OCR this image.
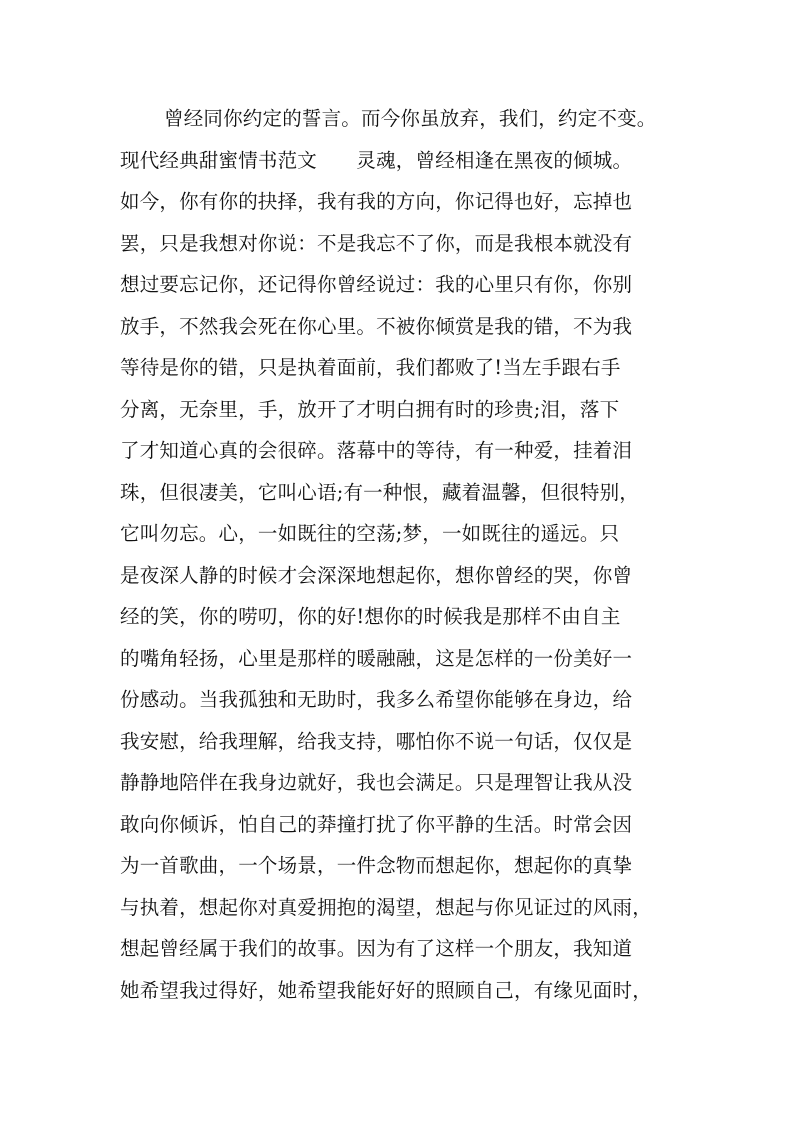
曾经同你约定的誓言。而今你虽放弃，我们，约定不变。
现代经典甜蜜情书范文　　灵魂，曾经相逢在黑夜的倾城。
如今，你有你的抉择，我有我的方向，你记得也好，忘掉也
罢，只是我想对你说：不是我忘不了你，而是我根本就没有
想过要忘记你，还记得你曾经说过：我的心里只有你，你别
放手，不然我会死在你心里。不被你倾赏是我的错，不为我
等待是你的错，只是执着面前，我们都败了!当左手跟右手
分离，无奈里，手，放开了才明白拥有时的珍贵;泪，落下
了才知道心真的会很碎。落幕中的等待，有一种爱，挂着泪
珠，但很凄美，它叫心语;有一种恨，藏着温馨，但很特别，
它叫勿忘。心，一如既往的空荡;梦，一如既往的遥远。只
是夜深人静的时候才会深深地想起你，想你曾经的哭，你曾
经的笑，你的唠叨，你的好!想你的时候我是那样不由自主
的嘴角轻扬，心里是那样的暖融融，这是怎样的一份美好一
份感动。当我孤独和无助时，我多么希望你能够在身边，给
我安慰，给我理解，给我支持，哪怕你不说一句话，仅仅是
静静地陪伴在我身边就好，我也会满足。只是理智让我从没
敢向你倾诉，怕自己的莽撞打扰了你平静的生活。时常会因
为一首歌曲，一个场景，一件念物而想起你，想起你的真挚
与执着，想起你对真爱拥抱的渴望，想起与你见证过的风雨，
想起曾经属于我们的故事。因为有了这样一个朋友，我知道
她希望我过得好，她希望我能好好的照顾自己，有缘见面时，
